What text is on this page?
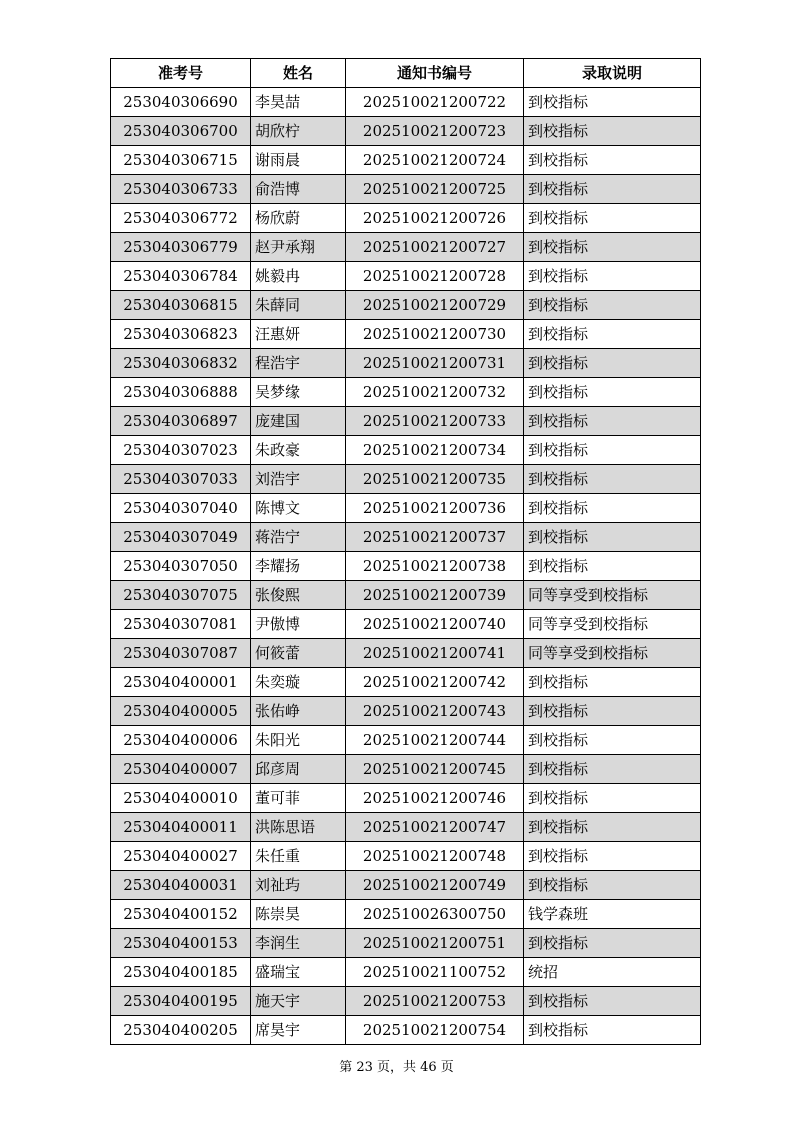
准考号	姓名	通知书编号	录取说明
253040306690	李昊喆	202510021200722	到校指标
253040306700	胡欣柠	202510021200723	到校指标
253040306715	谢雨晨	202510021200724	到校指标
253040306733	俞浩博	202510021200725	到校指标
253040306772	杨欣蔚	202510021200726	到校指标
253040306779	赵尹承翔	202510021200727	到校指标
253040306784	姚毅冉	202510021200728	到校指标
253040306815	朱薛同	202510021200729	到校指标
253040306823	汪惠妍	202510021200730	到校指标
253040306832	程浩宇	202510021200731	到校指标
253040306888	吴梦缘	202510021200732	到校指标
253040306897	庞建国	202510021200733	到校指标
253040307023	朱政豪	202510021200734	到校指标
253040307033	刘浩宇	202510021200735	到校指标
253040307040	陈博文	202510021200736	到校指标
253040307049	蒋浩宁	202510021200737	到校指标
253040307050	李耀扬	202510021200738	到校指标
253040307075	张俊熙	202510021200739	同等享受到校指标
253040307081	尹傲博	202510021200740	同等享受到校指标
253040307087	何筱蕾	202510021200741	同等享受到校指标
253040400001	朱奕璇	202510021200742	到校指标
253040400005	张佑峥	202510021200743	到校指标
253040400006	朱阳光	202510021200744	到校指标
253040400007	邱彦周	202510021200745	到校指标
253040400010	董可菲	202510021200746	到校指标
253040400011	洪陈思语	202510021200747	到校指标
253040400027	朱任重	202510021200748	到校指标
253040400031	刘祉玙	202510021200749	到校指标
253040400152	陈崇昊	202510026300750	钱学森班
253040400153	李润生	202510021200751	到校指标
253040400185	盛瑞宝	202510021100752	统招
253040400195	施天宇	202510021200753	到校指标
253040400205	席昊宇	202510021200754	到校指标
第 23 页，共 46 页
